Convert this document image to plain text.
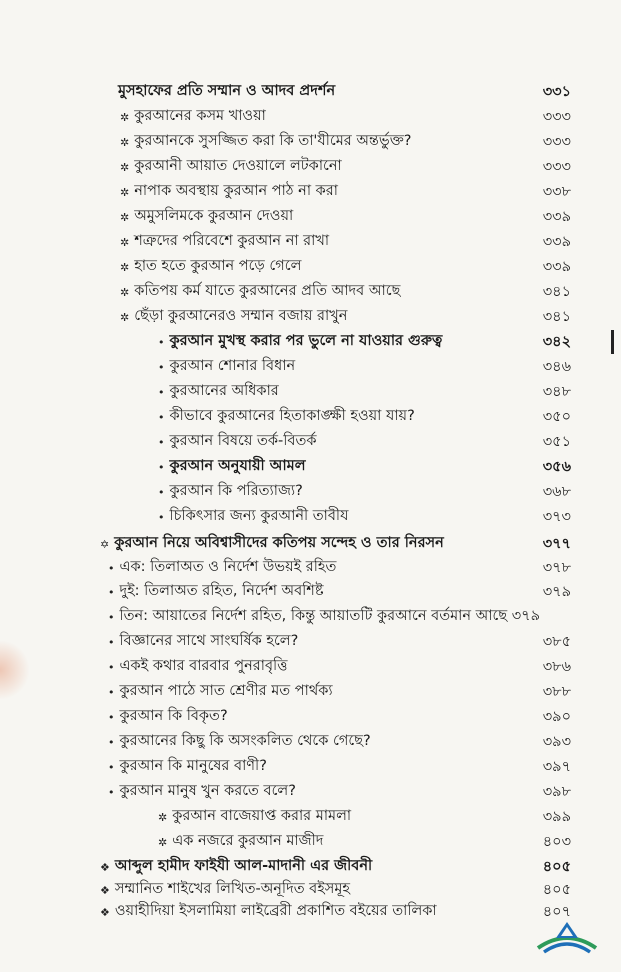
মুসহাফের প্রতি সম্মান ও আদব প্রদর্শন	৩৩১
✲ কুরআনের কসম খাওয়া	৩৩৩
✲ কুরআনকে সুসজ্জিত করা কি তা'যীমের অন্তর্ভুক্ত?	৩৩৩
✲ কুরআনী আয়াত দেওয়ালে লটকানো	৩৩৩
✲ নাপাক অবস্থায় কুরআন পাঠ না করা	৩৩৮
✲ অমুসলিমকে কুরআন দেওয়া	৩৩৯
✲ শত্রুদের পরিবেশে কুরআন না রাখা	৩৩৯
✲ হাত হতে কুরআন পড়ে গেলে	৩৩৯
✲ কতিপয় কর্ম যাতে কুরআনের প্রতি আদব আছে	৩৪১
✲ ছেঁড়া কুরআনেরও সম্মান বজায় রাখুন	৩৪১
• কুরআন মুখস্থ করার পর ভুলে না যাওয়ার গুরুত্ব	৩৪২
• কুরআন শোনার বিধান	৩৪৬
• কুরআনের অধিকার	৩৪৮
• কীভাবে কুরআনের হিতাকাঙ্ক্ষী হওয়া যায়?	৩৫০
• কুরআন বিষয়ে তর্ক-বিতর্ক	৩৫১
• কুরআন অনুযায়ী আমল	৩৫৬
• কুরআন কি পরিত্যাজ্য?	৩৬৮
• চিকিৎসার জন্য কুরআনী তাবীয	৩৭৩
✡ কুরআন নিয়ে অবিশ্বাসীদের কতিপয় সন্দেহ ও তার নিরসন	৩৭৭
• এক: তিলাঅত ও নির্দেশ উভয়ই রহিত	৩৭৮
• দুই: তিলাঅত রহিত, নির্দেশ অবশিষ্ট	৩৭৯
• তিন: আয়াতের নির্দেশ রহিত, কিন্তু আয়াতটি কুরআনে বর্তমান আছে ৩৭৯
• বিজ্ঞানের সাথে সাংঘর্ষিক হলে?	৩৮৫
• একই কথার বারবার পুনরাবৃত্তি	৩৮৬
• কুরআন পাঠে সাত শ্রেণীর মত পার্থক্য	৩৮৮
• কুরআন কি বিকৃত?	৩৯০
• কুরআনের কিছু কি অসংকলিত থেকে গেছে?	৩৯৩
• কুরআন কি মানুষের বাণী?	৩৯৭
• কুরআন মানুষ খুন করতে বলে?	৩৯৮
✲ কুরআন বাজেয়াপ্ত করার মামলা	৩৯৯
✲ এক নজরে কুরআন মাজীদ	৪০৩
❖ আব্দুল হামীদ ফাইযী আল-মাদানী এর জীবনী	৪০৫
❖ সম্মানিত শাইখের লিখিত-অনূদিত বইসমূহ	৪০৫
❖ ওয়াহীদিয়া ইসলামিয়া লাইব্রেরী প্রকাশিত বইয়ের তালিকা	৪০৭
